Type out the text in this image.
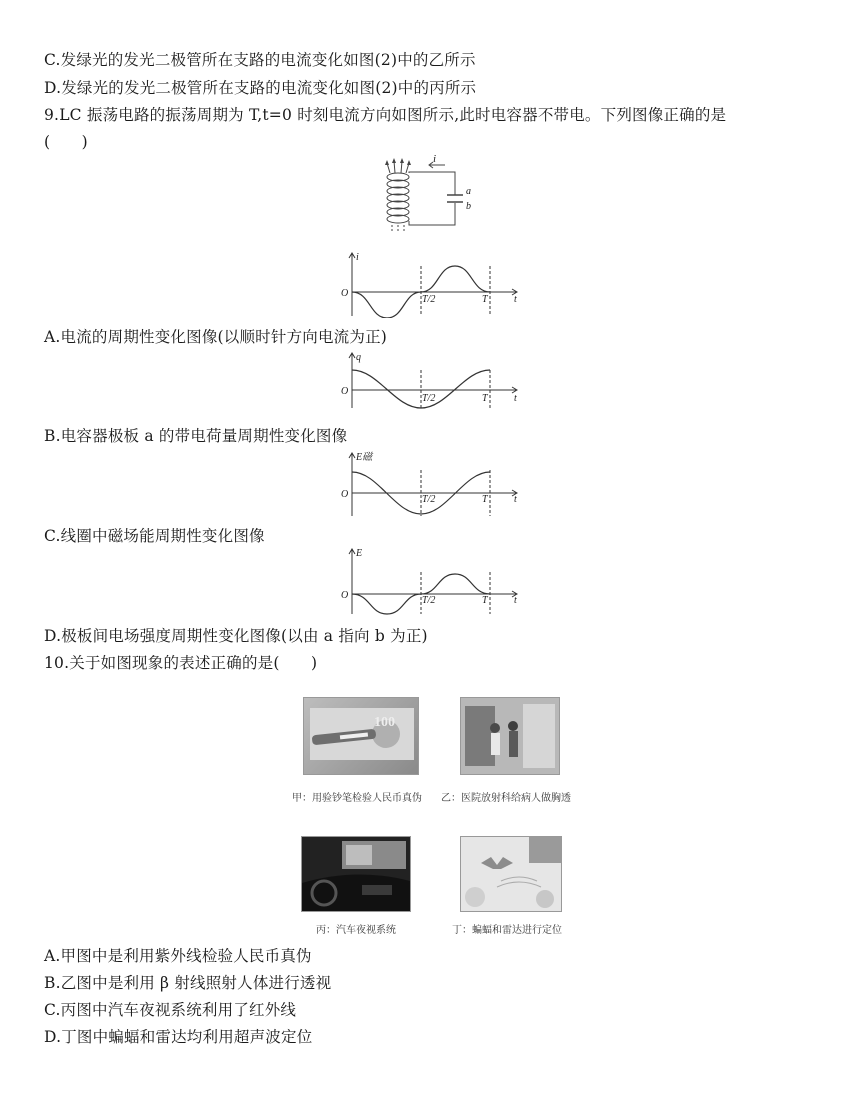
C.发绿光的发光二极管所在支路的电流变化如图(2)中的乙所示
D.发绿光的发光二极管所在支路的电流变化如图(2)中的丙所示
9.LC 振荡电路的振荡周期为 T,t=0 时刻电流方向如图所示,此时电容器不带电。下列图像正确的是
(　　)
i
a
b
i
O
T/2	T	t
A.电流的周期性变化图像(以顺时针方向电流为正)
q
O
T/2	T	t
B.电容器极板 a 的带电荷量周期性变化图像
E磁
O	T/2	T	t
C.线圈中磁场能周期性变化图像
E
O	T/2	T	t
D.极板间电场强度周期性变化图像(以由 a 指向 b 为正)
10.关于如图现象的表述正确的是(　　)
100
甲：用验钞笔检验人民币真伪 乙：医院放射科给病人做胸透
丙：汽车夜视系统	丁：蝙蝠和雷达进行定位
A.甲图中是利用紫外线检验人民币真伪
B.乙图中是利用 β 射线照射人体进行透视
C.丙图中汽车夜视系统利用了红外线
D.丁图中蝙蝠和雷达均利用超声波定位
